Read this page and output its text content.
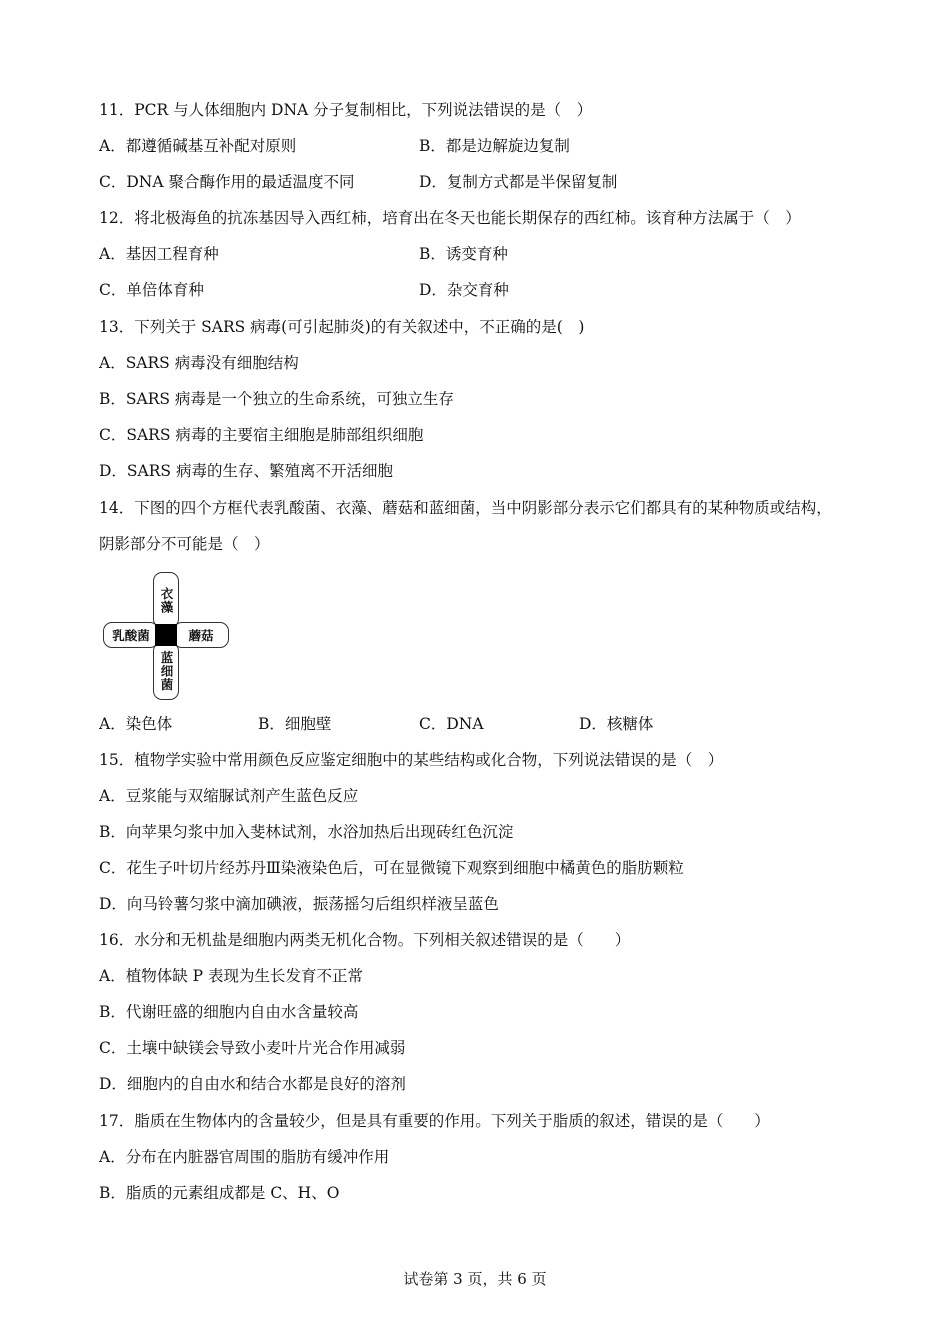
11．PCR 与人体细胞内 DNA 分子复制相比，下列说法错误的是（　）
A．都遵循碱基互补配对原则	B．都是边解旋边复制
C．DNA 聚合酶作用的最适温度不同	D．复制方式都是半保留复制
12．将北极海鱼的抗冻基因导入西红柿，培育出在冬天也能长期保存的西红柿。该育种方法属于（　）
A．基因工程育种	B．诱变育种
C．单倍体育种	D．杂交育种
13．下列关于 SARS 病毒(可引起肺炎)的有关叙述中，不正确的是(　)
A．SARS 病毒没有细胞结构
B．SARS 病毒是一个独立的生命系统，可独立生存
C．SARS 病毒的主要宿主细胞是肺部组织细胞
D．SARS 病毒的生存、繁殖离不开活细胞
14．下图的四个方框代表乳酸菌、衣藻、蘑菇和蓝细菌，当中阴影部分表示它们都具有的某种物质或结构，
阴影部分不可能是（　）
衣藻
蓝细菌
乳酸菌	蘑菇
A．染色体	B．细胞壁	C．DNA	D．核糖体
15．植物学实验中常用颜色反应鉴定细胞中的某些结构或化合物，下列说法错误的是（　）
A．豆浆能与双缩脲试剂产生蓝色反应
B．向苹果匀浆中加入斐林试剂，水浴加热后出现砖红色沉淀
C．花生子叶切片经苏丹Ⅲ染液染色后，可在显微镜下观察到细胞中橘黄色的脂肪颗粒
D．向马铃薯匀浆中滴加碘液，振荡摇匀后组织样液呈蓝色
16．水分和无机盐是细胞内两类无机化合物。下列相关叙述错误的是（　　）
A．植物体缺 P 表现为生长发育不正常
B．代谢旺盛的细胞内自由水含量较高
C．土壤中缺镁会导致小麦叶片光合作用减弱
D．细胞内的自由水和结合水都是良好的溶剂
17．脂质在生物体内的含量较少，但是具有重要的作用。下列关于脂质的叙述，错误的是（　　）
A．分布在内脏器官周围的脂肪有缓冲作用
B．脂质的元素组成都是 C、H、O
试卷第 3 页，共 6 页
